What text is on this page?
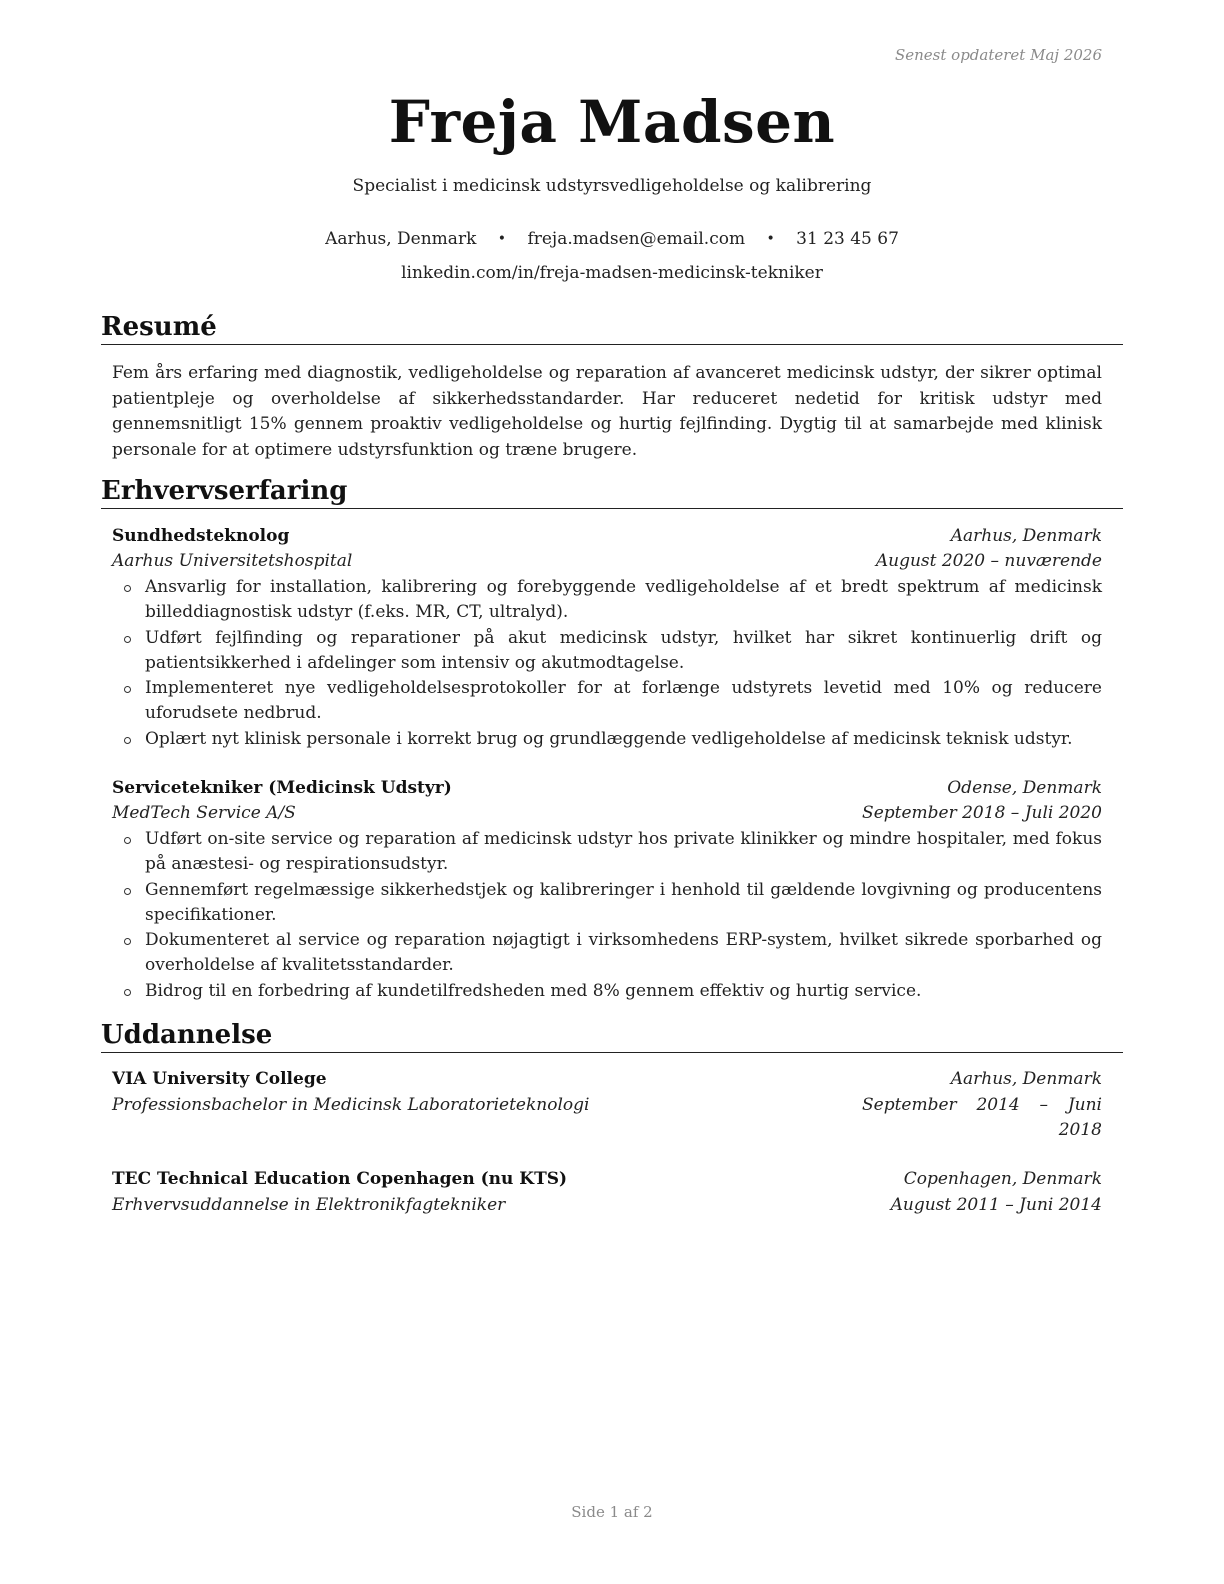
Senest opdateret Maj 2026
Freja Madsen
Specialist i medicinsk udstyrsvedligeholdelse og kalibrering
Aarhus, Denmark • freja.madsen@email.com • 31 23 45 67
linkedin.com/in/freja-madsen-medicinsk-tekniker
Resumé
Fem års erfaring med diagnostik, vedligeholdelse og reparation af avanceret medicinsk udstyr, der sikrer optimal patientpleje og overholdelse af sikkerhedsstandarder. Har reduceret nedetid for kritisk udstyr med gennemsnitligt 15% gennem proaktiv vedligeholdelse og hurtig fejlfinding. Dygtig til at samarbejde med klinisk personale for at optimere udstyrsfunktion og træne brugere.
Erhvervserfaring
Sundhedsteknolog	Aarhus, Denmark
Aarhus Universitetshospital	August 2020 – nuværende
Ansvarlig for installation, kalibrering og forebyggende vedligeholdelse af et bredt spektrum af medicinsk billeddiagnostisk udstyr (f.eks. MR, CT, ultralyd).
Udført fejlfinding og reparationer på akut medicinsk udstyr, hvilket har sikret kontinuerlig drift og patientsikkerhed i afdelinger som intensiv og akutmodtagelse.
Implementeret nye vedligeholdelsesprotokoller for at forlænge udstyrets levetid med 10% og reducere uforudsete nedbrud.
Oplært nyt klinisk personale i korrekt brug og grundlæggende vedligeholdelse af medicinsk teknisk udstyr.
Servicetekniker (Medicinsk Udstyr)	Odense, Denmark
MedTech Service A/S	September 2018 – Juli 2020
Udført on-site service og reparation af medicinsk udstyr hos private klinikker og mindre hospitaler, med fokus på anæstesi- og respirationsudstyr.
Gennemført regelmæssige sikkerhedstjek og kalibreringer i henhold til gældende lovgivning og producentens specifikationer.
Dokumenteret al service og reparation nøjagtigt i virksomhedens ERP-system, hvilket sikrede sporbarhed og overholdelse af kvalitetsstandarder.
Bidrog til en forbedring af kundetilfredsheden med 8% gennem effektiv og hurtig service.
Uddannelse
VIA University College	Aarhus, Denmark
Professionsbachelor in Medicinsk Laboratorieteknologi	September 2014 – Juni 2018
TEC Technical Education Copenhagen (nu KTS)	Copenhagen, Denmark
Erhvervsuddannelse in Elektronikfagtekniker	August 2011 – Juni 2014
Side 1 af 2
